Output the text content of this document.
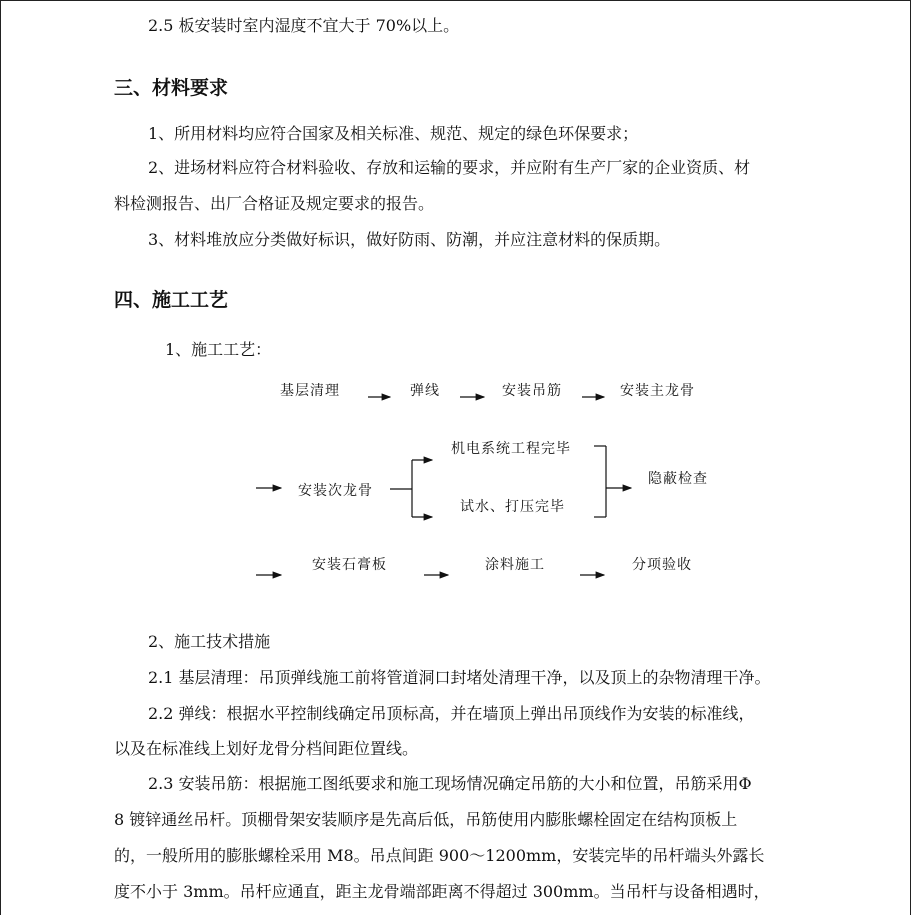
2.5 板安装时室内湿度不宜大于 70%以上。
三、材料要求
1、所用材料均应符合国家及相关标准、规范、规定的绿色环保要求；
2、进场材料应符合材料验收、存放和运输的要求，并应附有生产厂家的企业资质、材
料检测报告、出厂合格证及规定要求的报告。
3、材料堆放应分类做好标识，做好防雨、防潮，并应注意材料的保质期。
四、施工工艺
1、施工工艺：
基层清理	弹线	安装吊筋	安装主龙骨
安装次龙骨
机电系统工程完毕
试水、打压完毕
隐蔽检查
安装石膏板	涂料施工	分项验收
2、施工技术措施
2.1 基层清理：吊顶弹线施工前将管道洞口封堵处清理干净，以及顶上的杂物清理干净。
2.2 弹线：根据水平控制线确定吊顶标高，并在墙顶上弹出吊顶线作为安装的标准线，
以及在标准线上划好龙骨分档间距位置线。
2.3 安装吊筋：根据施工图纸要求和施工现场情况确定吊筋的大小和位置，吊筋采用Φ
8 镀锌通丝吊杆。顶棚骨架安装顺序是先高后低，吊筋使用内膨胀螺栓固定在结构顶板上
的，一般所用的膨胀螺栓采用 M8。吊点间距 900～1200mm，安装完毕的吊杆端头外露长
度不小于 3mm。吊杆应通直，距主龙骨端部距离不得超过 300mm。当吊杆与设备相遇时，
